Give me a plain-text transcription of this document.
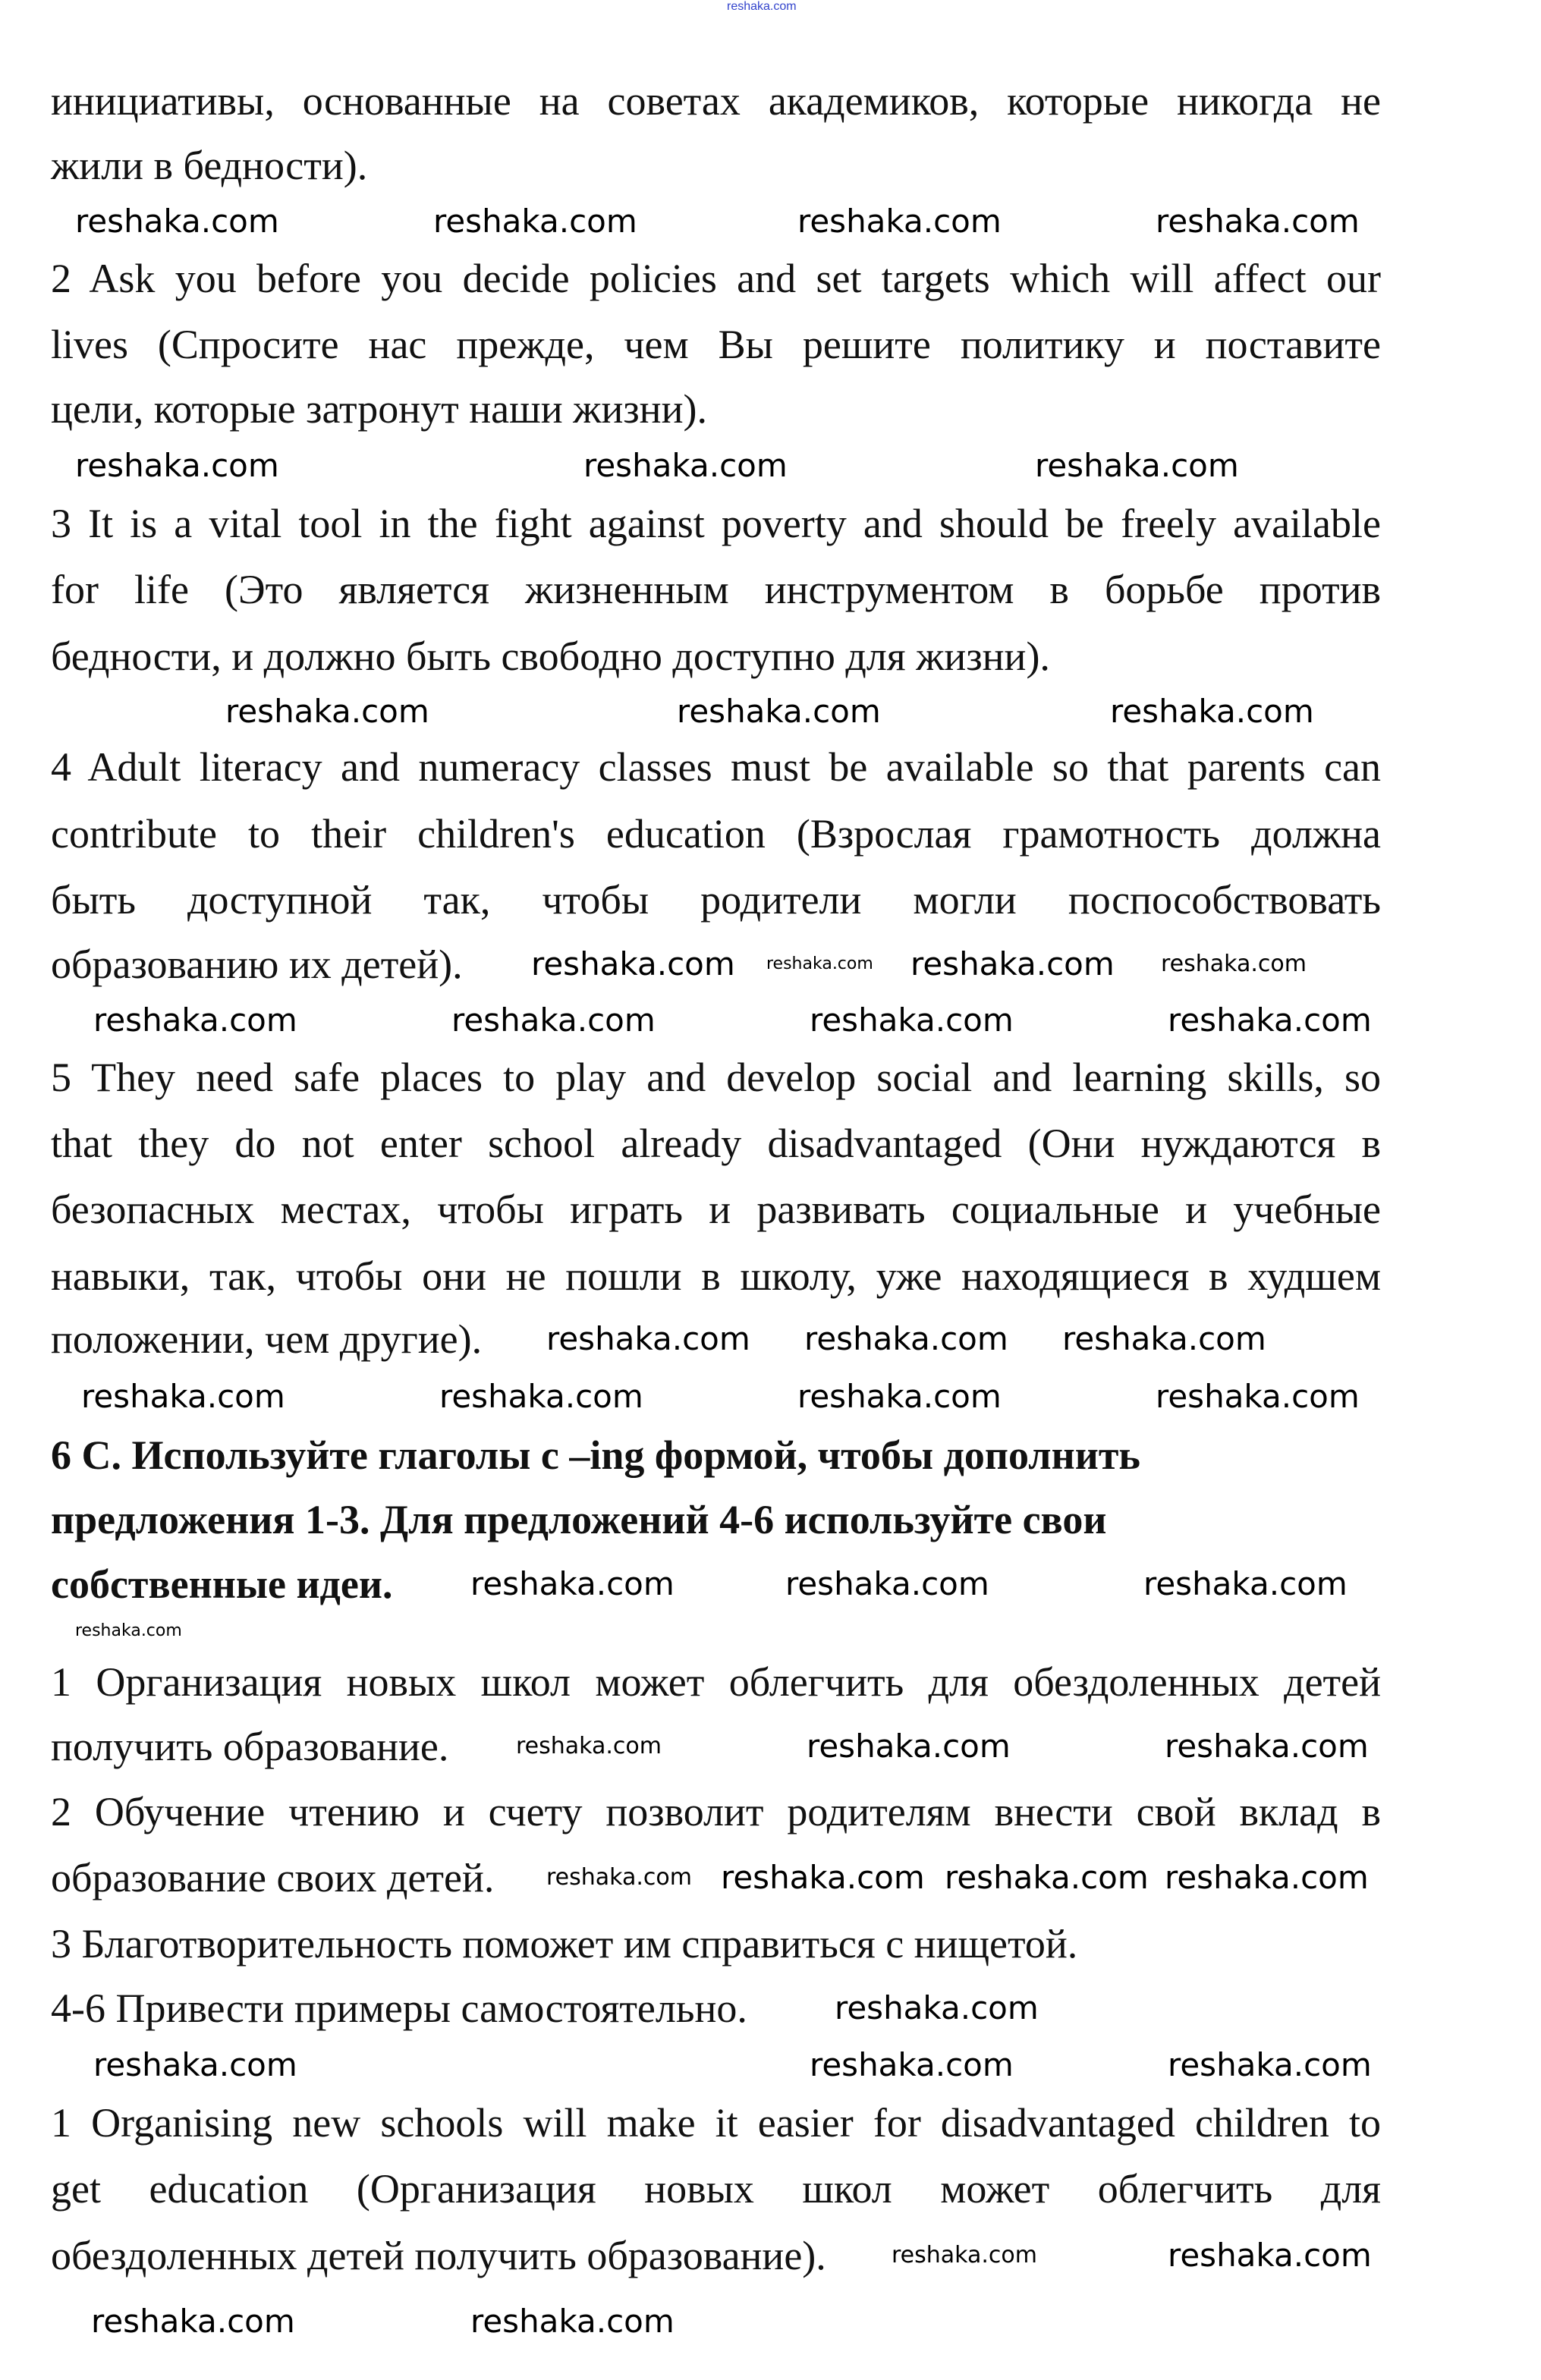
reshaka.com
инициативы, основанные на советах академиков, которые никогда не
жили в бедности).
2 Ask you before you decide policies and set targets which will affect our
lives (Спросите нас прежде, чем Вы решите политику и поставите
цели, которые затронут наши жизни).
3 It is a vital tool in the fight against poverty and should be freely available
for life (Это является жизненным инструментом в борьбе против
бедности, и должно быть свободно доступно для жизни).
4 Adult literacy and numeracy classes must be available so that parents can
contribute to their children's education (Взрослая грамотность должна
быть доступной так, чтобы родители могли поспособствовать
образованию их детей).
5 They need safe places to play and develop social and learning skills, so
that they do not enter school already disadvantaged (Они нуждаются в
безопасных местах, чтобы играть и развивать социальные и учебные
навыки, так, чтобы они не пошли в школу, уже находящиеся в худшем
положении, чем другие).
6 C. Используйте глаголы с –ing формой, чтобы дополнить
предложения 1-3. Для предложений 4-6 используйте свои
собственные идеи.
1 Организация новых школ может облегчить для обездоленных детей
получить образование.
2 Обучение чтению и счету позволит родителям внести свой вклад в
образование своих детей.
3 Благотворительность поможет им справиться с нищетой.
4-6 Привести примеры самостоятельно.
1 Organising new schools will make it easier for disadvantaged children to
get education (Организация новых школ может облегчить для
обездоленных детей получить образование).
reshaka.com	reshaka.com	reshaka.com	reshaka.com
reshaka.com	reshaka.com	reshaka.com
reshaka.com	reshaka.com	reshaka.com
reshaka.com reshaka.com reshaka.com reshaka.com
reshaka.com	reshaka.com	reshaka.com	reshaka.com
reshaka.com reshaka.com reshaka.com
reshaka.com	reshaka.com	reshaka.com	reshaka.com
reshaka.com	reshaka.com	reshaka.com
reshaka.com
reshaka.com	reshaka.com	reshaka.com
reshaka.com reshaka.com reshaka.com reshaka.com
reshaka.com
reshaka.com	reshaka.com	reshaka.com
reshaka.com	reshaka.com
reshaka.com	reshaka.com
